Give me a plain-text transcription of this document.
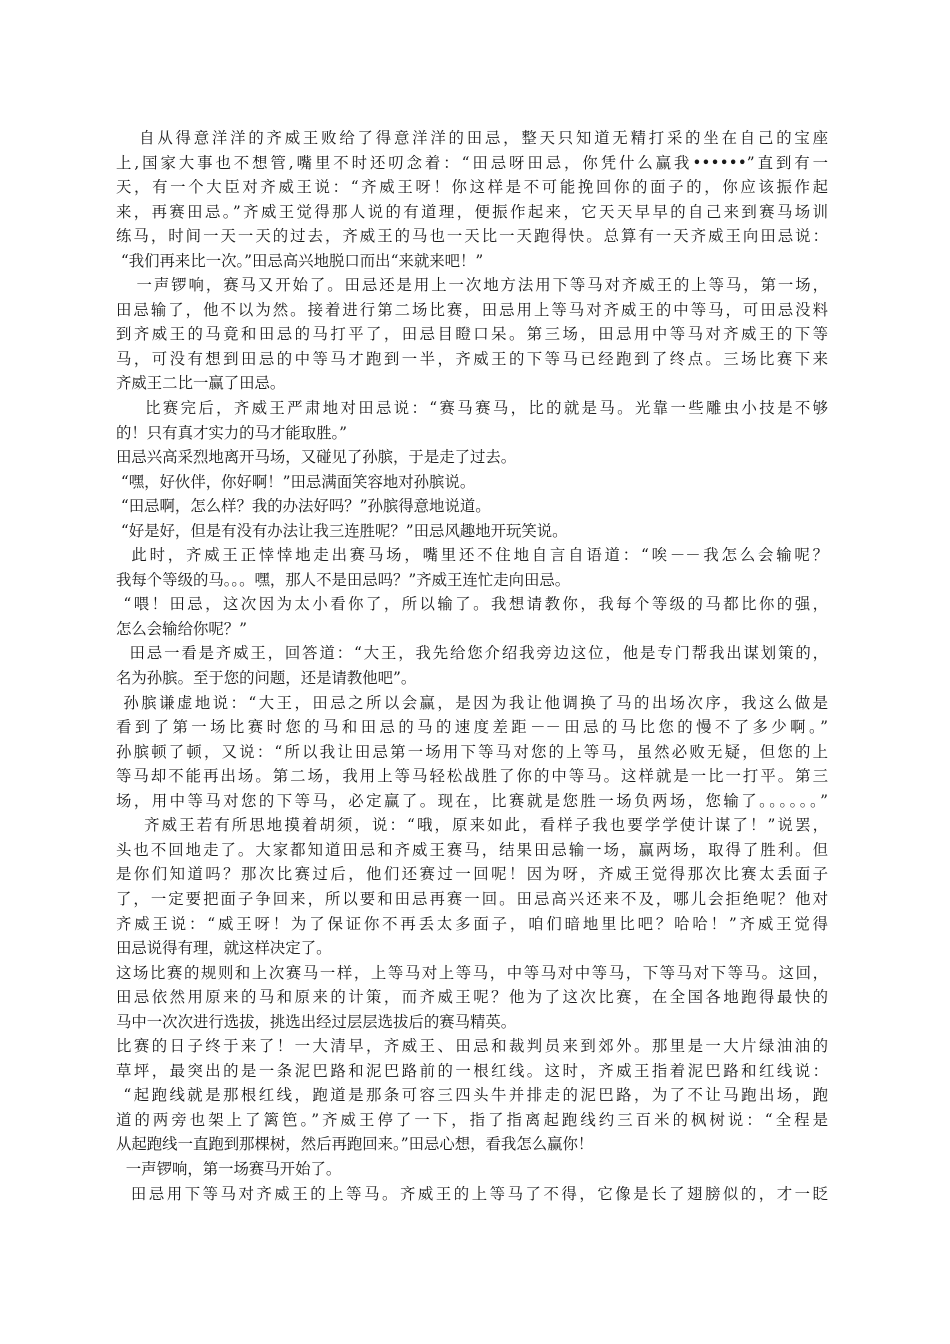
自从得意洋洋的齐威王败给了得意洋洋的田忌，整天只知道无精打采的坐在自己的宝座
上,国家大事也不想管,嘴里不时还叨念着：“田忌呀田忌，你凭什么赢我••••••”直到有一
天，有一个大臣对齐威王说：“齐威王呀！你这样是不可能挽回你的面子的，你应该振作起
来，再赛田忌。”齐威王觉得那人说的有道理，便振作起来，它天天早早的自己来到赛马场训
练马，时间一天一天的过去，齐威王的马也一天比一天跑得快。总算有一天齐威王向田忌说：
“我们再来比一次。”田忌高兴地脱口而出“来就来吧！”
一声锣响，赛马又开始了。田忌还是用上一次地方法用下等马对齐威王的上等马，第一场，
田忌输了，他不以为然。接着进行第二场比赛，田忌用上等马对齐威王的中等马，可田忌没料
到齐威王的马竟和田忌的马打平了，田忌目瞪口呆。第三场，田忌用中等马对齐威王的下等
马，可没有想到田忌的中等马才跑到一半，齐威王的下等马已经跑到了终点。三场比赛下来
齐威王二比一赢了田忌。
比赛完后，齐威王严肃地对田忌说：“赛马赛马，比的就是马。光靠一些雕虫小技是不够
的！只有真才实力的马才能取胜。”
田忌兴高采烈地离开马场，又碰见了孙膑，于是走了过去。
“嘿，好伙伴，你好啊！”田忌满面笑容地对孙膑说。
“田忌啊，怎么样？我的办法好吗？”孙膑得意地说道。
“好是好，但是有没有办法让我三连胜呢？”田忌风趣地开玩笑说。
此时，齐威王正悻悻地走出赛马场，嘴里还不住地自言自语道：“唉－－我怎么会输呢？
我每个等级的马。。。嘿，那人不是田忌吗？”齐威王连忙走向田忌。
“喂！田忌，这次因为太小看你了，所以输了。我想请教你，我每个等级的马都比你的强，
怎么会输给你呢？”
田忌一看是齐威王，回答道：“大王，我先给您介绍我旁边这位，他是专门帮我出谋划策的，
名为孙膑。至于您的问题，还是请教他吧”。
孙膑谦虚地说：“大王，田忌之所以会赢，是因为我让他调换了马的出场次序，我这么做是
看到了第一场比赛时您的马和田忌的马的速度差距－－田忌的马比您的慢不了多少啊。”
孙膑顿了顿，又说：“所以我让田忌第一场用下等马对您的上等马，虽然必败无疑，但您的上
等马却不能再出场。第二场，我用上等马轻松战胜了你的中等马。这样就是一比一打平。第三
场，用中等马对您的下等马，必定赢了。现在，比赛就是您胜一场负两场，您输了。。。。。。”
齐威王若有所思地摸着胡须，说：“哦，原来如此，看样子我也要学学使计谋了！”说罢，
头也不回地走了。大家都知道田忌和齐威王赛马，结果田忌输一场，赢两场，取得了胜利。但
是你们知道吗？那次比赛过后，他们还赛过一回呢！因为呀，齐威王觉得那次比赛太丢面子
了，一定要把面子争回来，所以要和田忌再赛一回。田忌高兴还来不及，哪儿会拒绝呢？他对
齐威王说：“威王呀！为了保证你不再丢太多面子，咱们暗地里比吧？哈哈！”齐威王觉得
田忌说得有理，就这样决定了。
这场比赛的规则和上次赛马一样，上等马对上等马，中等马对中等马，下等马对下等马。这回，
田忌依然用原来的马和原来的计策，而齐威王呢？他为了这次比赛，在全国各地跑得最快的
马中一次次进行选拔，挑选出经过层层选拔后的赛马精英。
比赛的日子终于来了！一大清早，齐威王、田忌和裁判员来到郊外。那里是一大片绿油油的
草坪，最突出的是一条泥巴路和泥巴路前的一根红线。这时，齐威王指着泥巴路和红线说：
“起跑线就是那根红线，跑道是那条可容三四头牛并排走的泥巴路，为了不让马跑出场，跑
道的两旁也架上了篱笆。”齐威王停了一下，指了指离起跑线约三百米的枫树说：“全程是
从起跑线一直跑到那棵树，然后再跑回来。”田忌心想，看我怎么赢你！
一声锣响，第一场赛马开始了。
田忌用下等马对齐威王的上等马。齐威王的上等马了不得，它像是长了翅膀似的，才一眨
